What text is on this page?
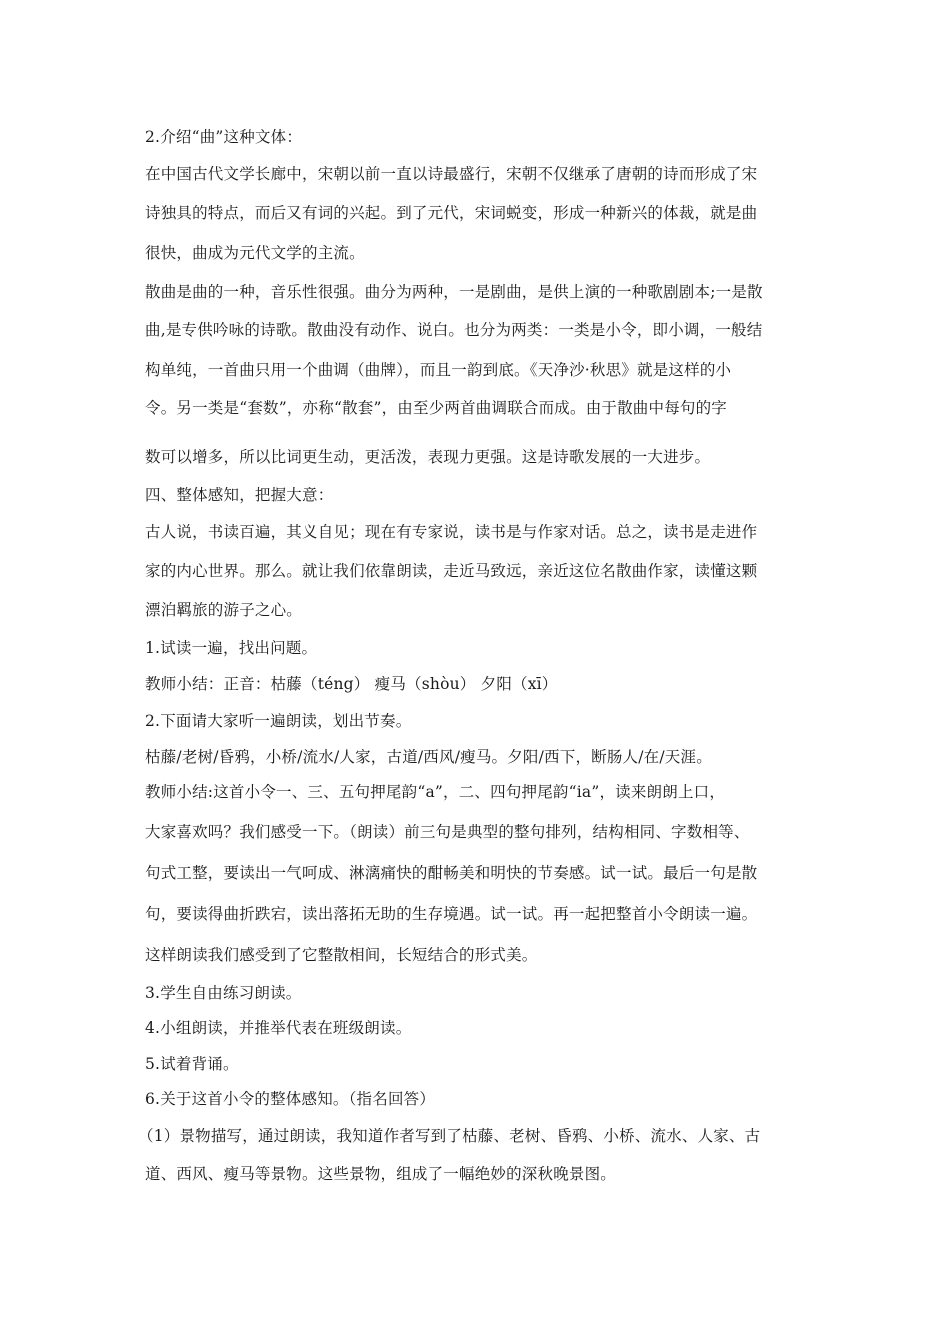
2.介绍“曲”这种文体：
在中国古代文学长廊中，宋朝以前一直以诗最盛行，宋朝不仅继承了唐朝的诗而形成了宋
诗独具的特点，而后又有词的兴起。到了元代，宋词蜕变，形成一种新兴的体裁，就是曲
很快，曲成为元代文学的主流。
散曲是曲的一种，音乐性很强。曲分为两种，一是剧曲，是供上演的一种歌剧剧本;一是散
曲,是专供吟咏的诗歌。散曲没有动作、说白。也分为两类：一类是小令，即小调，一般结
构单纯，一首曲只用一个曲调（曲牌），而且一韵到底。《天净沙·秋思》就是这样的小
令。另一类是“套数”，亦称“散套”，由至少两首曲调联合而成。由于散曲中每句的字
数可以增多，所以比词更生动，更活泼，表现力更强。这是诗歌发展的一大进步。
四、整体感知，把握大意：
古人说，书读百遍，其义自见；现在有专家说，读书是与作家对话。总之，读书是走进作
家的内心世界。那么。就让我们依靠朗读，走近马致远，亲近这位名散曲作家，读懂这颗
漂泊羁旅的游子之心。
1.试读一遍，找出问题。
教师小结：正音：枯藤（téng） 瘦马（shòu） 夕阳（xī）
2.下面请大家听一遍朗读，划出节奏。
枯藤/老树/昏鸦，小桥/流水/人家，古道/西风/瘦马。夕阳/西下，断肠人/在/天涯。
教师小结:这首小令一、三、五句押尾韵“a”，二、四句押尾韵“ia”，读来朗朗上口，
大家喜欢吗？我们感受一下。（朗读）前三句是典型的整句排列，结构相同、字数相等、
句式工整，要读出一气呵成、淋漓痛快的酣畅美和明快的节奏感。试一试。最后一句是散
句，要读得曲折跌宕，读出落拓无助的生存境遇。试一试。再一起把整首小令朗读一遍。
这样朗读我们感受到了它整散相间，长短结合的形式美。
3.学生自由练习朗读。
4.小组朗读，并推举代表在班级朗读。
5.试着背诵。
6.关于这首小令的整体感知。（指名回答）
（1）景物描写，通过朗读，我知道作者写到了枯藤、老树、昏鸦、小桥、流水、人家、古
道、西风、瘦马等景物。这些景物，组成了一幅绝妙的深秋晚景图。
